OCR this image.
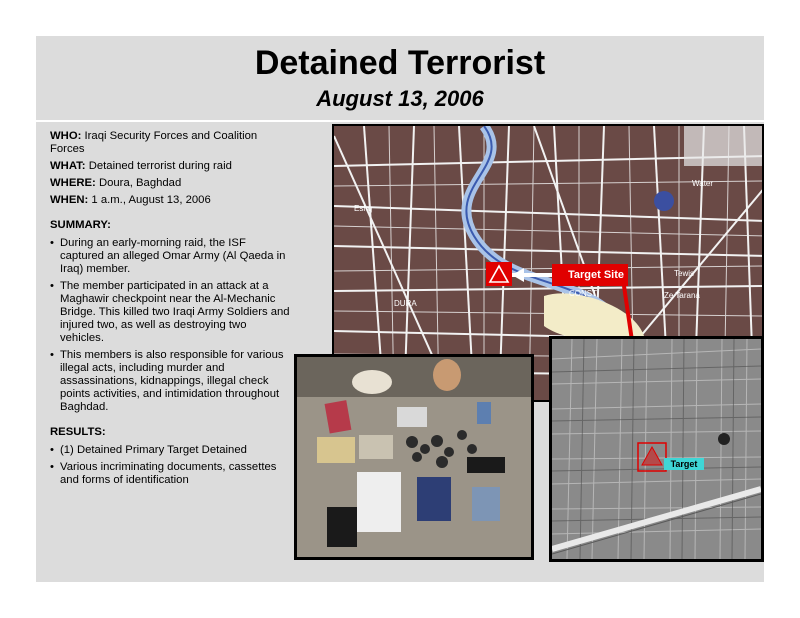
Detained Terrorist
August 13, 2006
WHO: Iraqi Security Forces and Coalition Forces
WHAT: Detained terrorist during raid
WHERE: Doura, Baghdad
WHEN: 1 a.m., August 13, 2006
SUMMARY:
• During an early-morning raid, the ISF captured an alleged Omar Army (Al Qaeda in Iraq) member.
• The member participated in an attack at a Maghawir checkpoint near the Al-Mechanic Bridge. This killed two Iraqi Army Soldiers and injured two, as well as destroying two vehicles.
• This members is also responsible for various illegal acts, including murder and assassinations, kidnappings, illegal check points activities, and intimidation throughout Baghdad.
RESULTS:
• (1) Detained Primary Target Detained
• Various incriminating documents, cassettes and forms of identification
Water
Tewis
Ze Tarana
CONST
Eshq
DURA
Target Site
Target
